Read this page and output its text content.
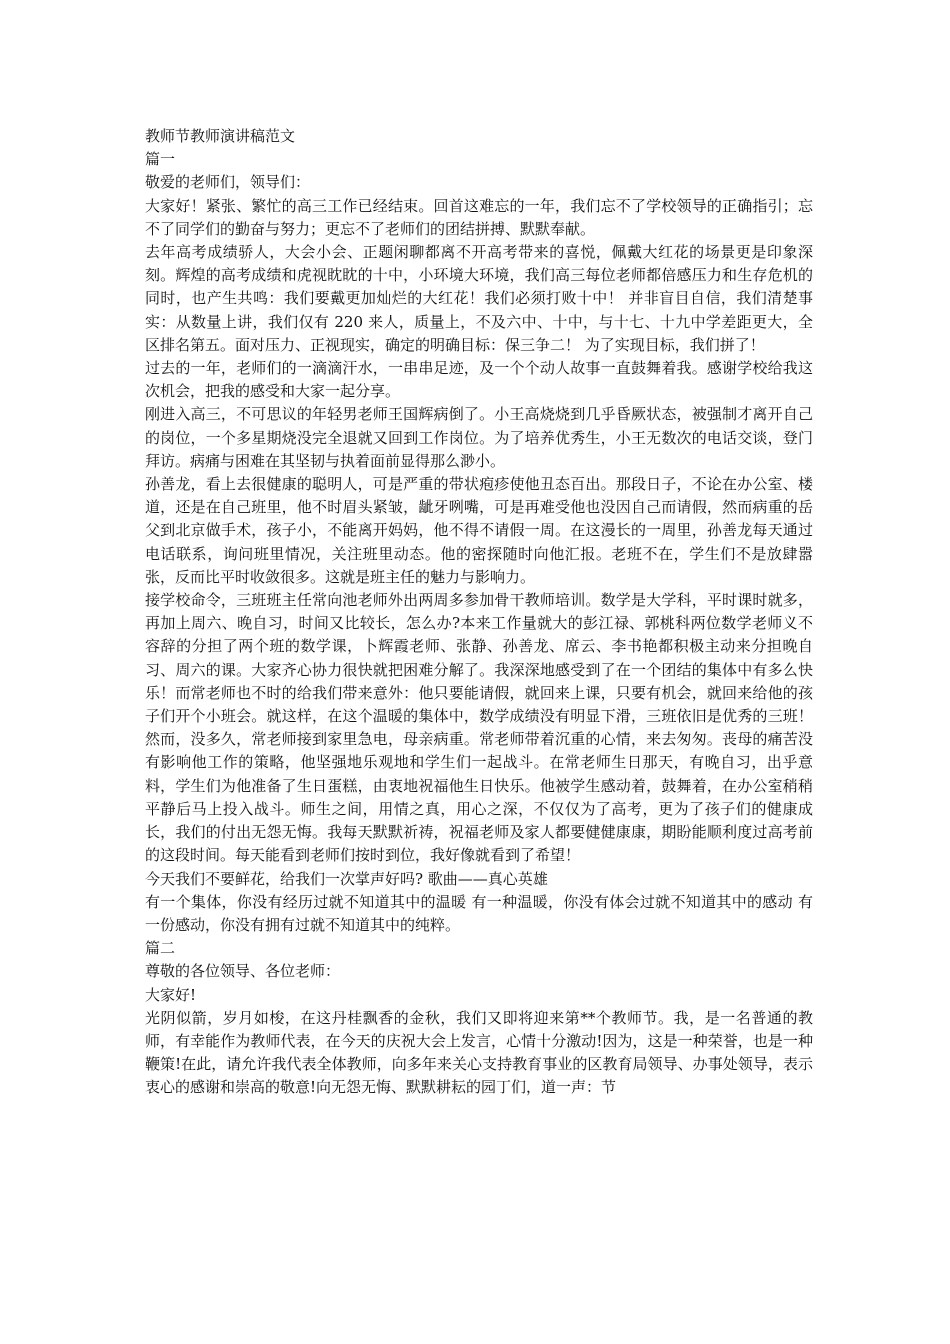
教师节教师演讲稿范文

篇一

敬爱的老师们，领导们：

大家好！紧张、繁忙的高三工作已经结束。回首这难忘的一年，我们忘不了学校领导的正确指引；忘不了同学们的勤奋与努力；更忘不了老师们的团结拼搏、默默奉献。

去年高考成绩骄人，大会小会、正题闲聊都离不开高考带来的喜悦，佩戴大红花的场景更是印象深刻。辉煌的高考成绩和虎视眈眈的十中，小环境大环境，我们高三每位老师都倍感压力和生存危机的同时，也产生共鸣：我们要戴更加灿烂的大红花！我们必须打败十中！ 并非盲目自信，我们清楚事实：从数量上讲，我们仅有 220 来人，质量上，不及六中、十中，与十七、十九中学差距更大，全区排名第五。面对压力、正视现实，确定的明确目标：保三争二！ 为了实现目标，我们拼了！

过去的一年，老师们的一滴滴汗水，一串串足迹，及一个个动人故事一直鼓舞着我。感谢学校给我这次机会，把我的感受和大家一起分享。

刚进入高三，不可思议的年轻男老师王国辉病倒了。小王高烧烧到几乎昏厥状态，被强制才离开自己的岗位，一个多星期烧没完全退就又回到工作岗位。为了培养优秀生，小王无数次的电话交谈，登门拜访。病痛与困难在其坚韧与执着面前显得那么渺小。

孙善龙，看上去很健康的聪明人，可是严重的带状疱疹使他丑态百出。那段日子，不论在办公室、楼道，还是在自己班里，他不时眉头紧皱，龇牙咧嘴，可是再难受他也没因自己而请假，然而病重的岳父到北京做手术，孩子小，不能离开妈妈，他不得不请假一周。在这漫长的一周里，孙善龙每天通过电话联系，询问班里情况，关注班里动态。他的密探随时向他汇报。老班不在，学生们不是放肆嚣张，反而比平时收敛很多。这就是班主任的魅力与影响力。

接学校命令，三班班主任常向池老师外出两周多参加骨干教师培训。数学是大学科，平时课时就多，再加上周六、晚自习，时间又比较长，怎么办?本来工作量就大的彭江禄、郭桃科两位数学老师义不容辞的分担了两个班的数学课，卜辉霞老师、张静、孙善龙、席云、李书艳都积极主动来分担晚自习、周六的课。大家齐心协力很快就把困难分解了。我深深地感受到了在一个团结的集体中有多么快乐！而常老师也不时的给我们带来意外：他只要能请假，就回来上课，只要有机会，就回来给他的孩子们开个小班会。就这样，在这个温暖的集体中，数学成绩没有明显下滑，三班依旧是优秀的三班！然而，没多久，常老师接到家里急电，母亲病重。常老师带着沉重的心情，来去匆匆。丧母的痛苦没有影响他工作的策略，他坚强地乐观地和学生们一起战斗。在常老师生日那天，有晚自习，出乎意料，学生们为他准备了生日蛋糕，由衷地祝福他生日快乐。他被学生感动着，鼓舞着，在办公室稍稍平静后马上投入战斗。师生之间，用情之真，用心之深，不仅仅为了高考，更为了孩子们的健康成长，我们的付出无怨无悔。我每天默默祈祷，祝福老师及家人都要健健康康，期盼能顺利度过高考前的这段时间。每天能看到老师们按时到位，我好像就看到了希望！

今天我们不要鲜花，给我们一次掌声好吗? 歌曲——真心英雄

有一个集体，你没有经历过就不知道其中的温暖 有一种温暖，你没有体会过就不知道其中的感动 有一份感动，你没有拥有过就不知道其中的纯粹。

篇二

尊敬的各位领导、各位老师：

大家好!

光阴似箭，岁月如梭，在这丹桂飘香的金秋，我们又即将迎来第**个教师节。我，是一名普通的教师，有幸能作为教师代表，在今天的庆祝大会上发言，心情十分激动!因为，这是一种荣誉，也是一种鞭策!在此，请允许我代表全体教师，向多年来关心支持教育事业的区教育局领导、办事处领导，表示衷心的感谢和崇高的敬意!向无怨无悔、默默耕耘的园丁们，道一声：节
